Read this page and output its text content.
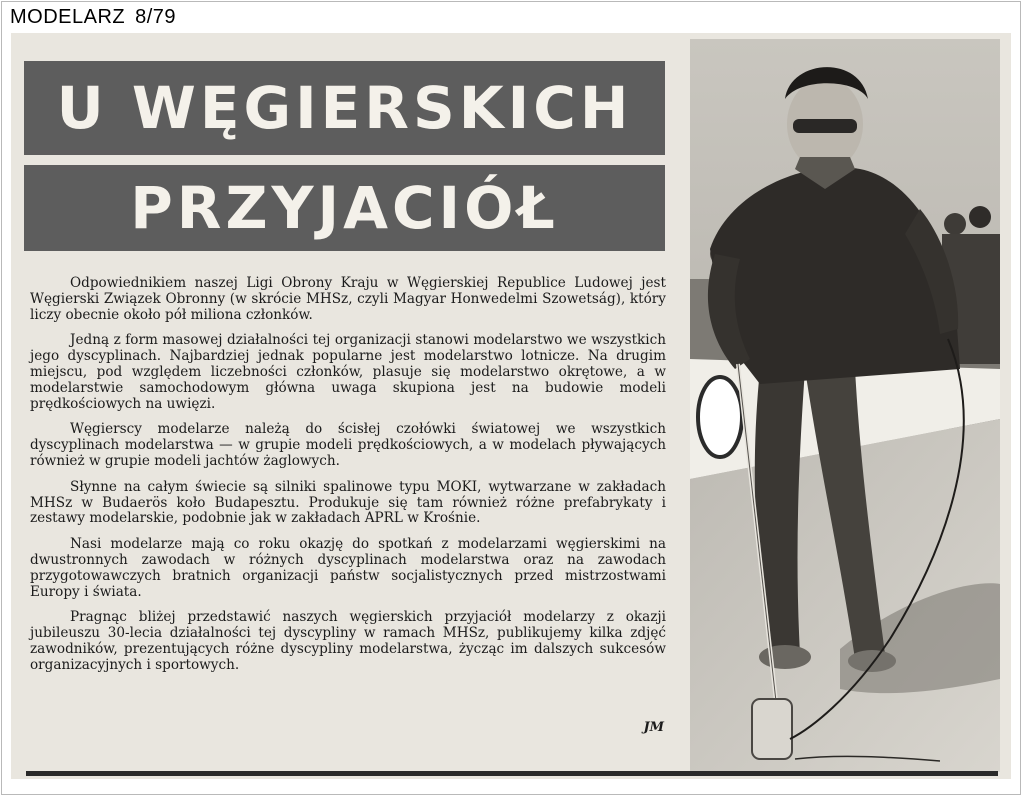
MODELARZ 8/79
U WĘGIERSKICH
PRZYJACIÓŁ

Odpowiednikiem naszej Ligi Obrony Kraju w Węgierskiej Republice Ludowej jest Węgierski Związek Obronny (w skrócie MHSz, czyli Magyar Honwedelmi Szowetság), który liczy obecnie około pół miliona członków.

Jedną z form masowej działalności tej organizacji stanowi modelarstwo we wszystkich jego dyscyplinach. Najbardziej jednak popularne jest modelarstwo lotnicze. Na drugim miejscu, pod względem liczebności członków, plasuje się modelarstwo okrętowe, a w modelarstwie samochodowym główna uwaga skupiona jest na budowie modeli prędkościowych na uwięzi.

Węgierscy modelarze należą do ścisłej czołówki światowej we wszystkich dyscyplinach modelarstwa — w grupie modeli prędkościowych, a w modelach pływających również w grupie modeli jachtów żaglowych.

Słynne na całym świecie są silniki spalinowe typu MOKI, wytwarzane w zakładach MHSz w Budaerös koło Budapesztu. Produkuje się tam również różne prefabrykaty i zestawy modelarskie, podobnie jak w zakładach APRL w Krośnie.

Nasi modelarze mają co roku okazję do spotkań z modelarzami węgierskimi na dwustronnych zawodach w różnych dyscyplinach modelarstwa oraz na zawodach przygotowawczych bratnich organizacji państw socjalistycznych przed mistrzostwami Europy i świata.

Pragnąc bliżej przedstawić naszych węgierskich przyjaciół modelarzy z okazji jubileuszu 30-lecia działalności tej dyscypliny w ramach MHSz, publikujemy kilka zdjęć zawodników, prezentujących różne dyscypliny modelarstwa, życząc im dalszych sukcesów organizacyjnych i sportowych.

JM
